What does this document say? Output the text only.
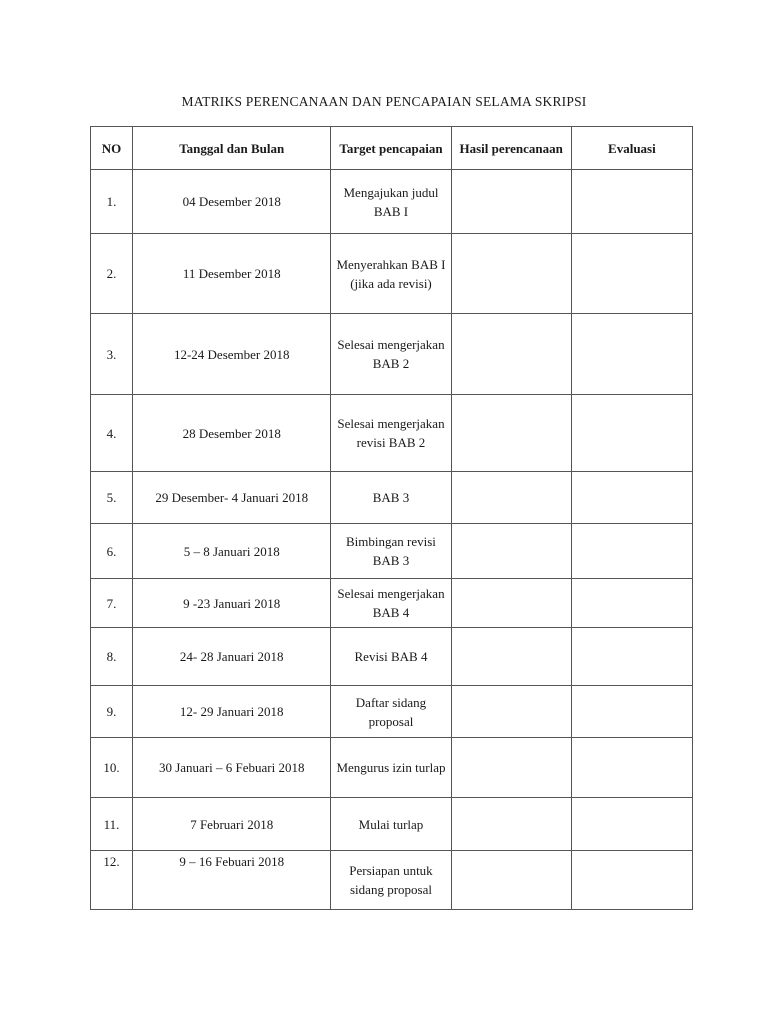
MATRIKS PERENCANAAN DAN PENCAPAIAN SELAMA SKRIPSI
NO	Tanggal dan Bulan	Target pencapaian	Hasil perencanaan	Evaluasi
1.	04 Desember 2018	Mengajukan judul
BAB I		

2.	11 Desember 2018	Menyerahkan BAB I
(jika ada revisi)		

3.	12-24 Desember 2018	Selesai mengerjakan
BAB 2		

4.	28 Desember 2018	Selesai mengerjakan
revisi BAB 2		

5.	29 Desember- 4 Januari 2018	BAB 3		

6.	5 – 8 Januari 2018	Bimbingan revisi
BAB 3		

7.	9 -23 Januari 2018	Selesai mengerjakan
BAB 4		

8.	24- 28 Januari 2018	Revisi BAB 4		

9.	12- 29 Januari 2018	Daftar sidang
proposal		

10.	30 Januari – 6 Febuari 2018	Mengurus izin turlap		

11.	7 Februari 2018	Mulai turlap		

12.	9 – 16 Febuari 2018	Persiapan untuk
sidang proposal		
